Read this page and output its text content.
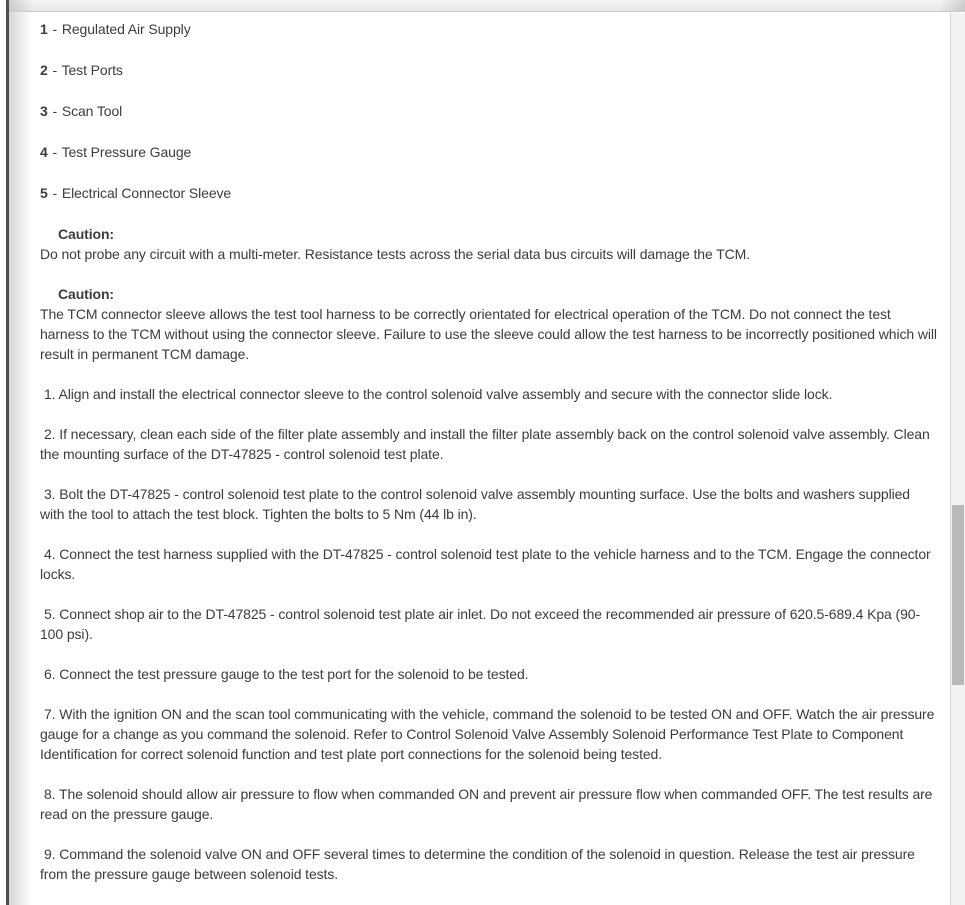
1 - Regulated Air Supply
2 - Test Ports
3 - Scan Tool
4 - Test Pressure Gauge
5 - Electrical Connector Sleeve
Caution:
Do not probe any circuit with a multi-meter. Resistance tests across the serial data bus circuits will damage the TCM.
Caution:
The TCM connector sleeve allows the test tool harness to be correctly orientated for electrical operation of the TCM. Do not connect the test harness to the TCM without using the connector sleeve. Failure to use the sleeve could allow the test harness to be incorrectly positioned which will result in permanent TCM damage.
1. Align and install the electrical connector sleeve to the control solenoid valve assembly and secure with the connector slide lock.
2. If necessary, clean each side of the filter plate assembly and install the filter plate assembly back on the control solenoid valve assembly. Clean the mounting surface of the DT-47825 - control solenoid test plate.
3. Bolt the DT-47825 - control solenoid test plate to the control solenoid valve assembly mounting surface. Use the bolts and washers supplied with the tool to attach the test block. Tighten the bolts to 5 Nm (44 lb in).
4. Connect the test harness supplied with the DT-47825 - control solenoid test plate to the vehicle harness and to the TCM. Engage the connector locks.
5. Connect shop air to the DT-47825 - control solenoid test plate air inlet. Do not exceed the recommended air pressure of 620.5-689.4 Kpa (90-100 psi).
6. Connect the test pressure gauge to the test port for the solenoid to be tested.
7. With the ignition ON and the scan tool communicating with the vehicle, command the solenoid to be tested ON and OFF. Watch the air pressure gauge for a change as you command the solenoid. Refer to Control Solenoid Valve Assembly Solenoid Performance Test Plate to Component Identification for correct solenoid function and test plate port connections for the solenoid being tested.
8. The solenoid should allow air pressure to flow when commanded ON and prevent air pressure flow when commanded OFF. The test results are read on the pressure gauge.
9. Command the solenoid valve ON and OFF several times to determine the condition of the solenoid in question. Release the test air pressure from the pressure gauge between solenoid tests.
